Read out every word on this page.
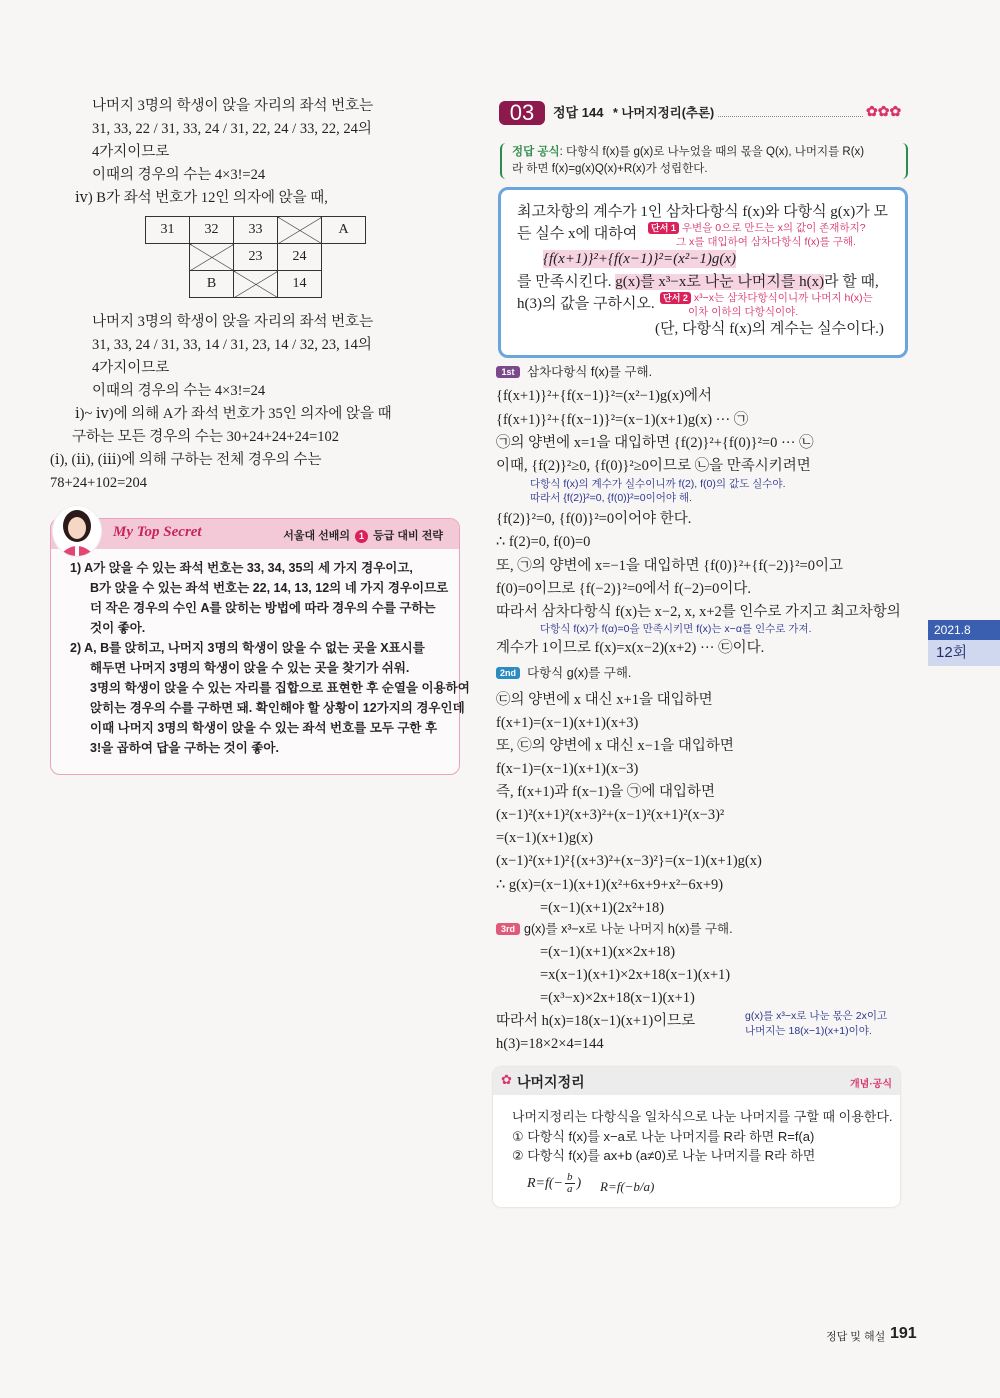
나머지 3명의 학생이 앉을 자리의 좌석 번호는
31, 33, 22 / 31, 33, 24 / 31, 22, 24 / 33, 22, 24의
4가지이므로
이때의 경우의 수는 4×3!=24
ⅳ) B가 좌석 번호가 12인 의자에 앉을 때,
31	32	33		A
		23	24	
	B		14	
나머지 3명의 학생이 앉을 자리의 좌석 번호는
31, 33, 24 / 31, 33, 14 / 31, 23, 14 / 32, 23, 14의
4가지이므로
이때의 경우의 수는 4×3!=24
ⅰ)~ ⅳ)에 의해 A가 좌석 번호가 35인 의자에 앉을 때
구하는 모든 경우의 수는 30+24+24+24=102
(ⅰ), (ⅱ), (ⅲ)에 의해 구하는 전체 경우의 수는
78+24+102=204
My Top Secret	서울대 선배의 1 등급 대비 전략
1) A가 앉을 수 있는 좌석 번호는 33, 34, 35의 세 가지 경우이고,
B가 앉을 수 있는 좌석 번호는 22, 14, 13, 12의 네 가지 경우이므로
더 작은 경우의 수인 A를 앉히는 방법에 따라 경우의 수를 구하는
것이 좋아.
2) A, B를 앉히고, 나머지 3명의 학생이 앉을 수 없는 곳을 X표시를
해두면 나머지 3명의 학생이 앉을 수 있는 곳을 찾기가 쉬워.
3명의 학생이 앉을 수 있는 자리를 집합으로 표현한 후 순열을 이용하여
앉히는 경우의 수를 구하면 돼. 확인해야 할 상황이 12가지의 경우인데
이때 나머지 3명의 학생이 앉을 수 있는 좌석 번호를 모두 구한 후
3!을 곱하여 답을 구하는 것이 좋아.
03	정답 144 * 나머지정리(추론)	✿✿✿
정답 공식: 다항식 f(x)를 g(x)로 나누었을 때의 몫을 Q(x), 나머지를 R(x)
라 하면 f(x)=g(x)Q(x)+R(x)가 성립한다.
최고차항의 계수가 1인 삼차다항식 f(x)와 다항식 g(x)가 모
든 실수 x에 대하여	단서 1 우변을 0으로 만드는 x의 값이 존재하지?
그 x를 대입하여 삼차다항식 f(x)를 구해.
{f(x+1)}²+{f(x−1)}²=(x²−1)g(x)
를 만족시킨다. g(x)를 x³−x로 나눈 나머지를 h(x)라 할 때,
h(3)의 값을 구하시오. 단서 2 x³−x는 삼차다항식이니까 나머지 h(x)는
이차 이하의 다항식이야.
(단, 다항식 f(x)의 계수는 실수이다.)
1st	삼차다항식 f(x)를 구해.
2nd 다항식 g(x)를 구해.
3rd g(x)를 x³−x로 나눈 나머지 h(x)를 구해.
{f(x+1)}²+{f(x−1)}²=(x²−1)g(x)에서
{f(x+1)}²+{f(x−1)}²=(x−1)(x+1)g(x) ··· ㉠
㉠의 양변에 x=1을 대입하면 {f(2)}²+{f(0)}²=0 ··· ㉡
이때, {f(2)}²≥0, {f(0)}²≥0이므로 ㉡을 만족시키려면
다항식 f(x)의 계수가 실수이니까 f(2), f(0)의 값도 실수야.
따라서 {f(2)}²=0, {f(0)}²=0이어야 해.
{f(2)}²=0, {f(0)}²=0이어야 한다.
∴ f(2)=0, f(0)=0
또, ㉠의 양변에 x=−1을 대입하면 {f(0)}²+{f(−2)}²=0이고
f(0)=0이므로 {f(−2)}²=0에서 f(−2)=0이다.
따라서 삼차다항식 f(x)는 x−2, x, x+2를 인수로 가지고 최고차항의
다항식 f(x)가 f(α)=0을 만족시키면 f(x)는 x−α를 인수로 가져.
계수가 1이므로 f(x)=x(x−2)(x+2) ··· ㉢이다.
㉢의 양변에 x 대신 x+1을 대입하면
f(x+1)=(x−1)(x+1)(x+3)
또, ㉢의 양변에 x 대신 x−1을 대입하면
f(x−1)=(x−1)(x+1)(x−3)
즉, f(x+1)과 f(x−1)을 ㉠에 대입하면
(x−1)²(x+1)²(x+3)²+(x−1)²(x+1)²(x−3)²
=(x−1)(x+1)g(x)
(x−1)²(x+1)²{(x+3)²+(x−3)²}=(x−1)(x+1)g(x)
∴ g(x)=(x−1)(x+1)(x²+6x+9+x²−6x+9)
=(x−1)(x+1)(2x²+18)
=(x−1)(x+1)(x×2x+18)
=x(x−1)(x+1)×2x+18(x−1)(x+1)
=(x³−x)×2x+18(x−1)(x+1)
따라서 h(x)=18(x−1)(x+1)이므로	g(x)를 x³−x로 나눈 몫은 2x이고
나머지는 18(x−1)(x+1)이야.
h(3)=18×2×4=144
✿ 나머지정리	개념·공식
나머지정리는 다항식을 일차식으로 나눈 나머지를 구할 때 이용한다.
① 다항식 f(x)를 x−a로 나눈 나머지를 R라 하면 R=f(a)
② 다항식 f(x)를 ax+b (a≠0)로 나눈 나머지를 R라 하면
$R=f(- \frac{b}{a}$ ) R=f(−b/a)
2021.8
12회
정답 및 해설 191
